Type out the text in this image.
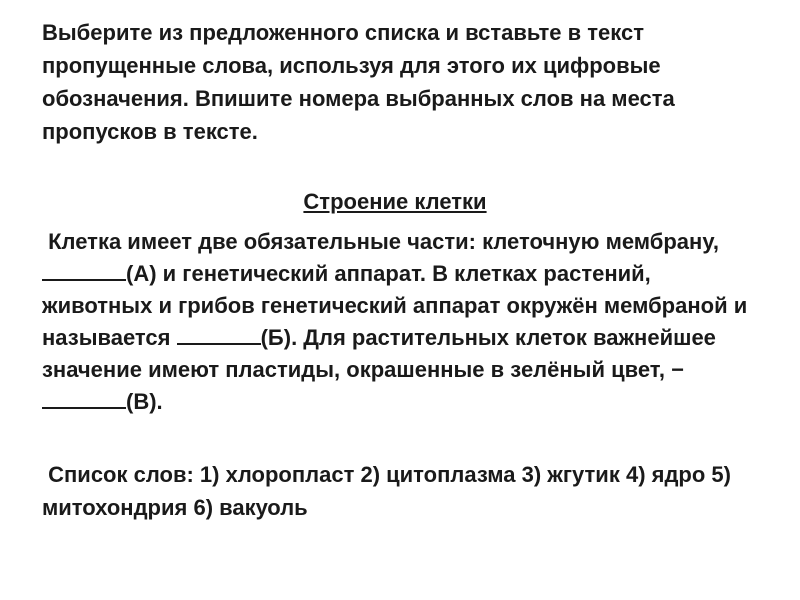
Выберите из предложенного списка и вставьте в текст пропущенные слова, используя для этого их цифровые обозначения. Впишите номера выбранных слов на места пропусков в тексте.

Строение клетки

Клетка имеет две обязательные части: клеточную мембрану, (А) и генетический аппарат. В клетках растений, животных и грибов генетический аппарат окружён мембраной и называется	(Б). Для растительных клеток важнейшее значение имеют пластиды, окрашенные в зелёный цвет, − (В).

Список слов: 1) хлоропласт 2) цитоплазма 3) жгутик 4) ядро 5) митохондрия 6) вакуоль
